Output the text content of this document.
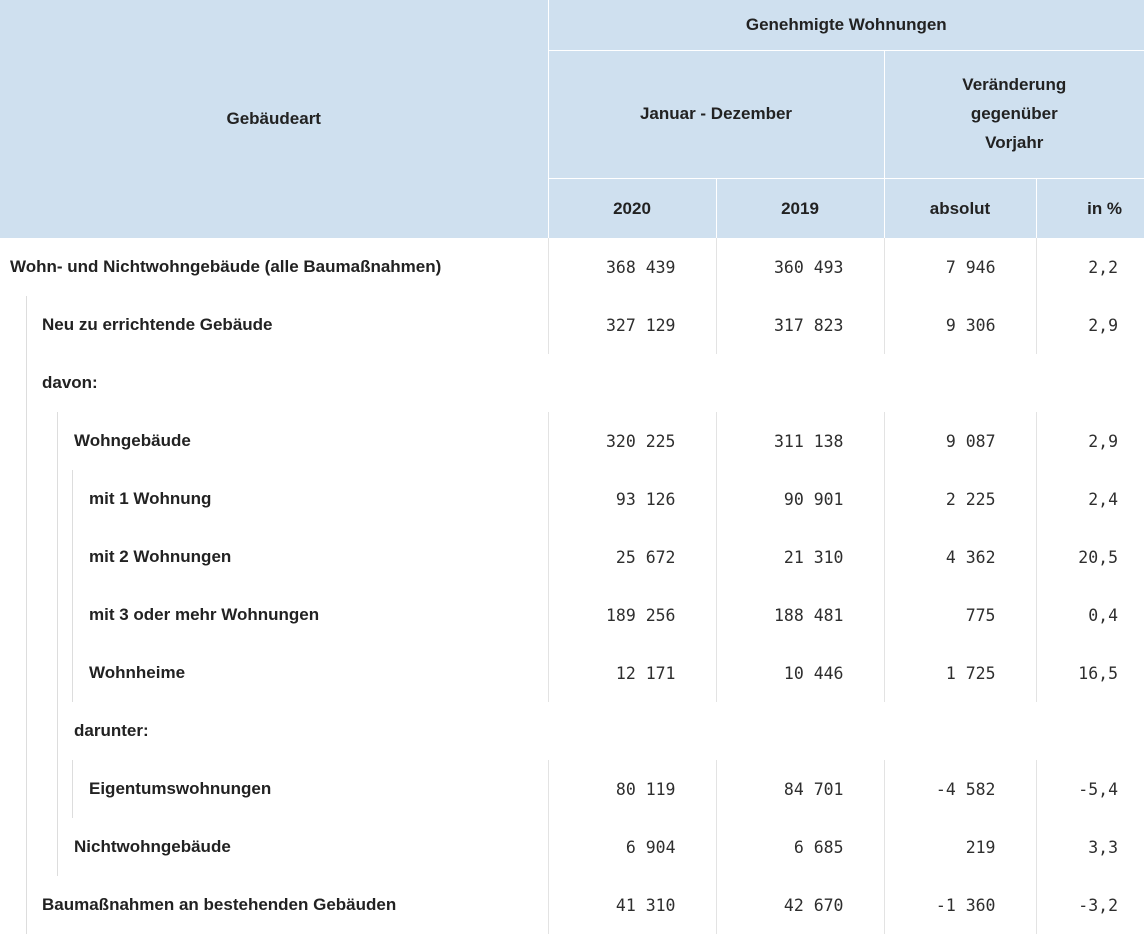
Gebäudeart	Genehmigte Wohnungen			
	Januar - Dezember		Veränderung gegenüber Vorjahr	

	2020	2019	absolut	in %
Wohn- und Nichtwohngebäude (alle Baumaßnahmen)	368 439	360 493	7 946	2,2

Neu zu errichtende Gebäude	327 129	317 823	9 306	2,9

davon:				

Wohngebäude	320 225	311 138	9 087	2,9

mit 1 Wohnung	93 126	90 901	2 225	2,4

mit 2 Wohnungen	25 672	21 310	4 362	20,5

mit 3 oder mehr Wohnungen	189 256	188 481	775	0,4

Wohnheime	12 171	10 446	1 725	16,5

darunter:				

Eigentumswohnungen	80 119	84 701	-4 582	-5,4

Nichtwohngebäude	6 904	6 685	219	3,3

Baumaßnahmen an bestehenden Gebäuden	41 310	42 670	-1 360	-3,2
